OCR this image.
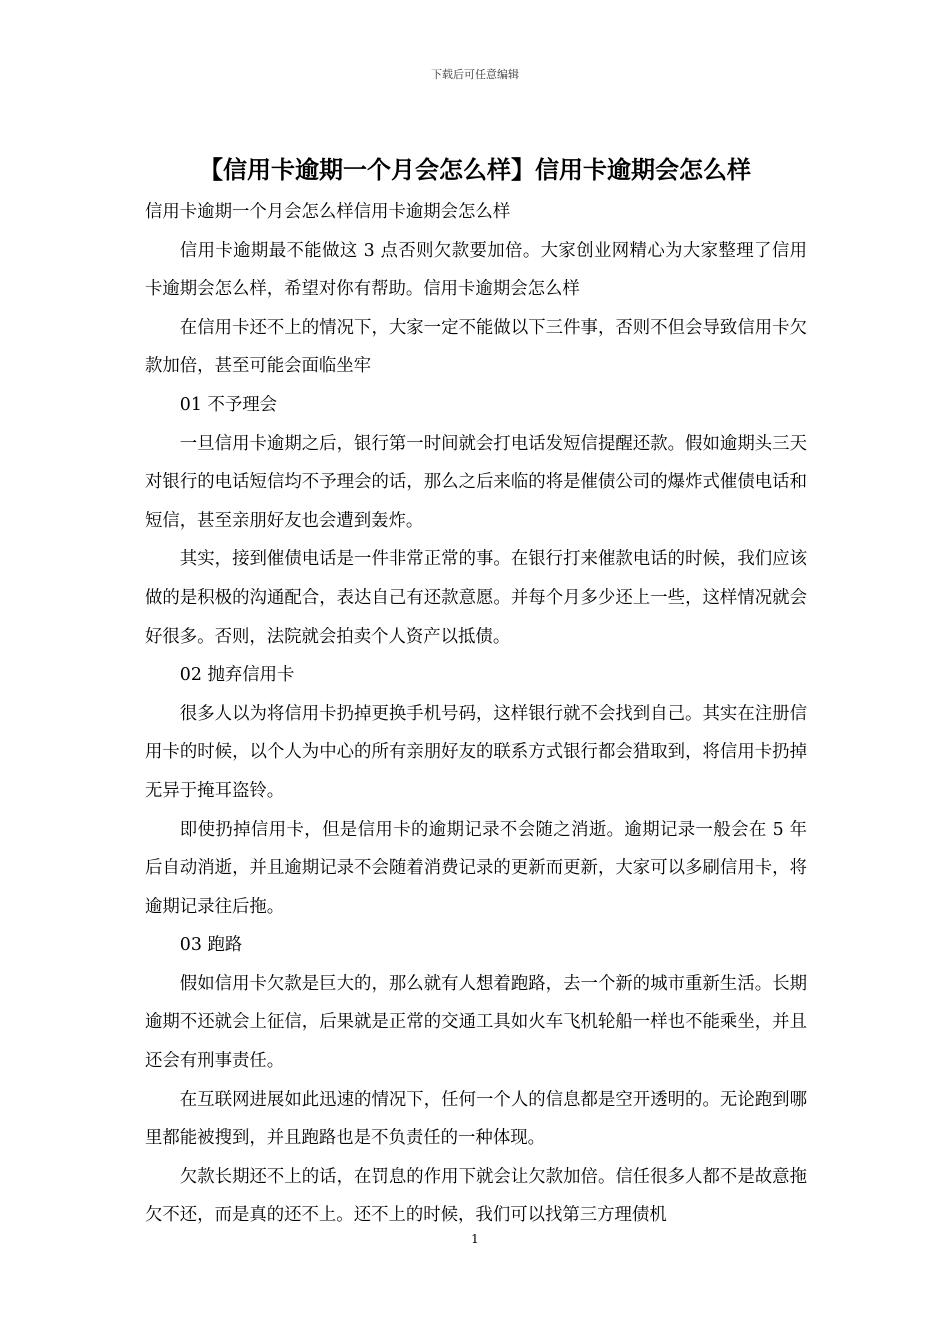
下载后可任意编辑
【信用卡逾期一个月会怎么样】信用卡逾期会怎么样

信用卡逾期一个月会怎么样信用卡逾期会怎么样

信用卡逾期最不能做这 3 点否则欠款要加倍。大家创业网精心为大家整理了信用卡逾期会怎么样，希望对你有帮助。信用卡逾期会怎么样

在信用卡还不上的情况下，大家一定不能做以下三件事，否则不但会导致信用卡欠款加倍，甚至可能会面临坐牢

01 不予理会

一旦信用卡逾期之后，银行第一时间就会打电话发短信提醒还款。假如逾期头三天对银行的电话短信均不予理会的话，那么之后来临的将是催债公司的爆炸式催债电话和短信，甚至亲朋好友也会遭到轰炸。

其实，接到催债电话是一件非常正常的事。在银行打来催款电话的时候，我们应该做的是积极的沟通配合，表达自己有还款意愿。并每个月多少还上一些，这样情况就会好很多。否则，法院就会拍卖个人资产以抵债。

02 抛弃信用卡

很多人以为将信用卡扔掉更换手机号码，这样银行就不会找到自己。其实在注册信用卡的时候，以个人为中心的所有亲朋好友的联系方式银行都会猎取到，将信用卡扔掉无异于掩耳盗铃。

即使扔掉信用卡，但是信用卡的逾期记录不会随之消逝。逾期记录一般会在 5 年后自动消逝，并且逾期记录不会随着消费记录的更新而更新，大家可以多刷信用卡，将逾期记录往后拖。

03 跑路

假如信用卡欠款是巨大的，那么就有人想着跑路，去一个新的城市重新生活。长期逾期不还就会上征信，后果就是正常的交通工具如火车飞机轮船一样也不能乘坐，并且还会有刑事责任。

在互联网进展如此迅速的情况下，任何一个人的信息都是空开透明的。无论跑到哪里都能被搜到，并且跑路也是不负责任的一种体现。

欠款长期还不上的话，在罚息的作用下就会让欠款加倍。信任很多人都不是故意拖欠不还，而是真的还不上。还不上的时候，我们可以找第三方理债机

1
